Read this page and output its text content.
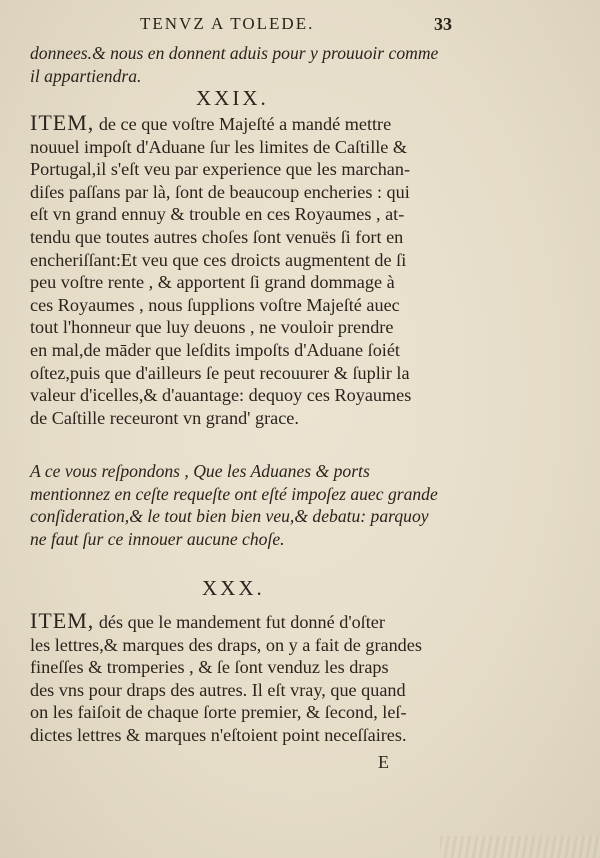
TENVZ A TOLEDE.	33
donnees.& nous en donnent aduis pour y prouuoir comme
il appartiendra.
XXIX.
ITEM, de ce que voſtre Majeſté a mandé mettre
nouuel impoſt d'Aduane ſur les limites de Caſtille &
Portugal,il s'eſt veu par experience que les marchan-
diſes paſſans par là, ſont de beaucoup encheries : qui
eſt vn grand ennuy & trouble en ces Royaumes , at-
tendu que toutes autres choſes ſont venuës ſi fort en
encheriſſant:Et veu que ces droicts augmentent de ſi
peu voſtre rente , & apportent ſi grand dommage à
ces Royaumes , nous ſupplions voſtre Majeſté auec
tout l'honneur que luy deuons , ne vouloir prendre
en mal,de māder que leſdits impoſts d'Aduane ſoiét
oſtez,puis que d'ailleurs ſe peut recouurer & ſuplir la
valeur d'icelles,& d'auantage: dequoy ces Royaumes
de Caſtille receuront vn grand' grace.
A ce vous reſpondons , Que les Aduanes & ports
mentionnez en ceſte requeſte ont eſté impoſez auec grande
conſideration,& le tout bien bien veu,& debatu: parquoy
ne faut ſur ce innouer aucune choſe.
XXX.
ITEM, dés que le mandement fut donné d'oſter
les lettres,& marques des draps, on y a fait de grandes
fineſſes & tromperies , & ſe ſont venduz les draps
des vns pour draps des autres. Il eſt vray, que quand
on les faiſoit de chaque ſorte premier, & ſecond, leſ-
dictes lettres & marques n'eſtoient point neceſſaires.
E
